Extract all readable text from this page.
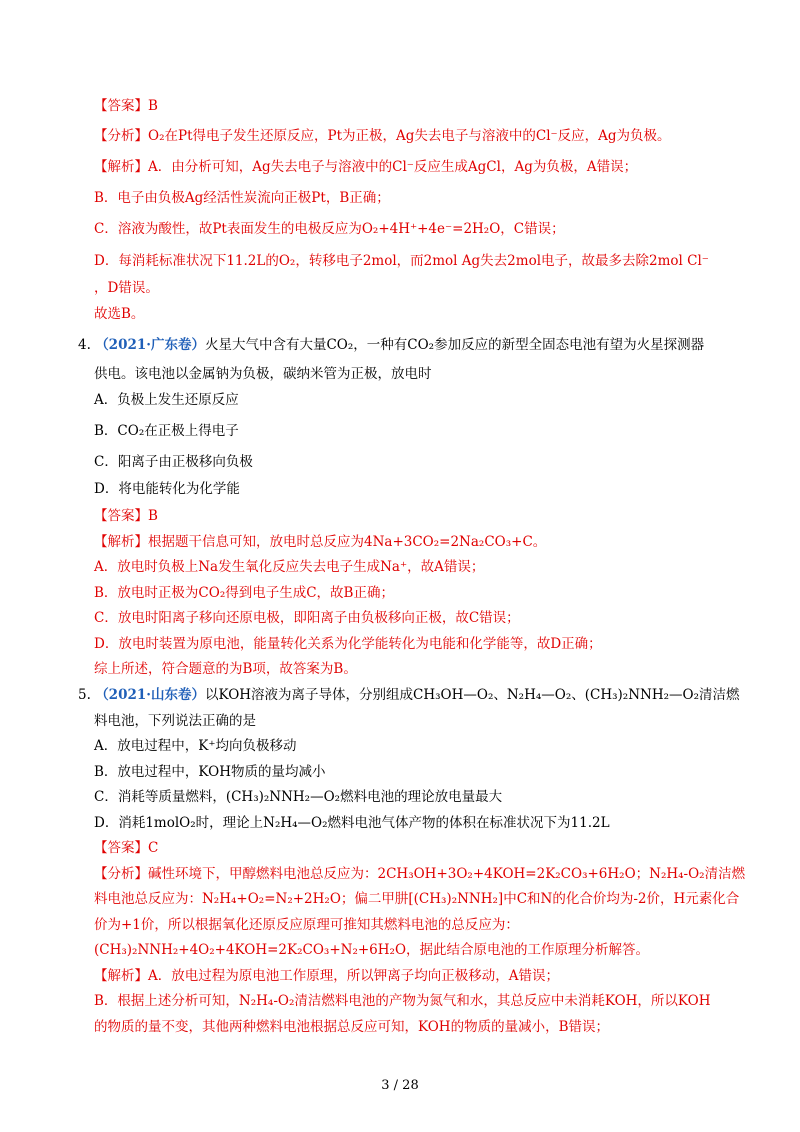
【答案】B
【分析】O₂在Pt得电子发生还原反应，Pt为正极，Ag失去电子与溶液中的Cl⁻反应，Ag为负极。
【解析】A．由分析可知，Ag失去电子与溶液中的Cl⁻反应生成AgCl，Ag为负极，A错误；
B．电子由负极Ag经活性炭流向正极Pt，B正确；
C．溶液为酸性，故Pt表面发生的电极反应为O₂+4H⁺+4e⁻=2H₂O，C错误；
D．每消耗标准状况下11.2L的O₂，转移电子2mol，而2mol Ag失去2mol电子，故最多去除2mol Cl⁻
，D错误。
故选B。
4. （2021·广东卷）火星大气中含有大量CO₂，一种有CO₂参加反应的新型全固态电池有望为火星探测器
供电。该电池以金属钠为负极，碳纳米管为正极，放电时
A．负极上发生还原反应
B．CO₂在正极上得电子
C．阳离子由正极移向负极
D．将电能转化为化学能
【答案】B
【解析】根据题干信息可知，放电时总反应为4Na+3CO₂=2Na₂CO₃+C。
A．放电时负极上Na发生氧化反应失去电子生成Na⁺，故A错误；
B．放电时正极为CO₂得到电子生成C，故B正确；
C．放电时阳离子移向还原电极，即阳离子由负极移向正极，故C错误；
D．放电时装置为原电池，能量转化关系为化学能转化为电能和化学能等，故D正确；
综上所述，符合题意的为B项，故答案为B。
5. （2021·山东卷）以KOH溶液为离子导体，分别组成CH₃OH—O₂、N₂H₄—O₂、(CH₃)₂NNH₂—O₂清洁燃
料电池，下列说法正确的是
A．放电过程中，K⁺均向负极移动
B．放电过程中，KOH物质的量均减小
C．消耗等质量燃料，(CH₃)₂NNH₂—O₂燃料电池的理论放电量最大
D．消耗1molO₂时，理论上N₂H₄—O₂燃料电池气体产物的体积在标准状况下为11.2L
【答案】C
【分析】碱性环境下，甲醇燃料电池总反应为：2CH₃OH+3O₂+4KOH=2K₂CO₃+6H₂O；N₂H₄-O₂清洁燃
料电池总反应为：N₂H₄+O₂=N₂+2H₂O；偏二甲肼[(CH₃)₂NNH₂]中C和N的化合价均为-2价，H元素化合
价为+1价，所以根据氧化还原反应原理可推知其燃料电池的总反应为：
(CH₃)₂NNH₂+4O₂+4KOH=2K₂CO₃+N₂+6H₂O，据此结合原电池的工作原理分析解答。
【解析】A．放电过程为原电池工作原理，所以钾离子均向正极移动，A错误；
B．根据上述分析可知，N₂H₄-O₂清洁燃料电池的产物为氮气和水，其总反应中未消耗KOH，所以KOH
的物质的量不变，其他两种燃料电池根据总反应可知，KOH的物质的量减小，B错误；
3 / 28
